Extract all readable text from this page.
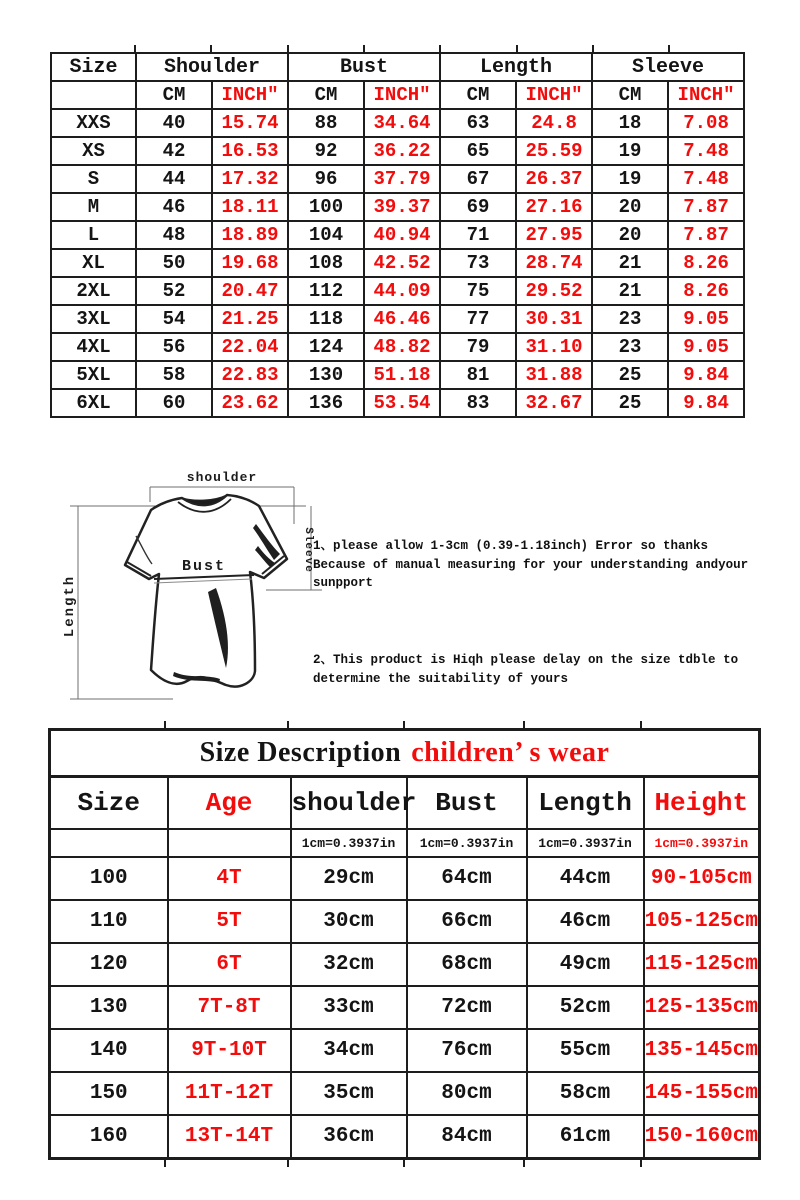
Size	Shoulder		Bust		Length		Sleeve	
	CM	INCH″	CM	INCH″	CM	INCH″	CM	INCH″
XXS	40	15.74	88	34.64	63	24.8	18	7.08
XS	42	16.53	92	36.22	65	25.59	19	7.48
S	44	17.32	96	37.79	67	26.37	19	7.48
M	46	18.11	100	39.37	69	27.16	20	7.87
L	48	18.89	104	40.94	71	27.95	20	7.87
XL	50	19.68	108	42.52	73	28.74	21	8.26
2XL	52	20.47	112	44.09	75	29.52	21	8.26
3XL	54	21.25	118	46.46	77	30.31	23	9.05
4XL	56	22.04	124	48.82	79	31.10	23	9.05
5XL	58	22.83	130	51.18	81	31.88	25	9.84
6XL	60	23.62	136	53.54	83	32.67	25	9.84
shoulder
Length
Bust	Sleeve 1、please allow 1-3cm (0.39-1.18inch) Error so thanks
Because of manual measuring for your understanding andyour
sunpport
2、This product is Hiqh please delay on the size tdble to
determine the suitability of yours
Size Description children’ s wear					
Size	Age	shoulder	Bust	Length	Height
		1cm=0.3937in	1cm=0.3937in	1cm=0.3937in	1cm=0.3937in
100	4T	29cm	64cm	44cm	90-105cm
110	5T	30cm	66cm	46cm	105-125cm
120	6T	32cm	68cm	49cm	115-125cm
130	7T-8T	33cm	72cm	52cm	125-135cm
140	9T-10T	34cm	76cm	55cm	135-145cm
150	11T-12T	35cm	80cm	58cm	145-155cm
160	13T-14T	36cm	84cm	61cm	150-160cm
